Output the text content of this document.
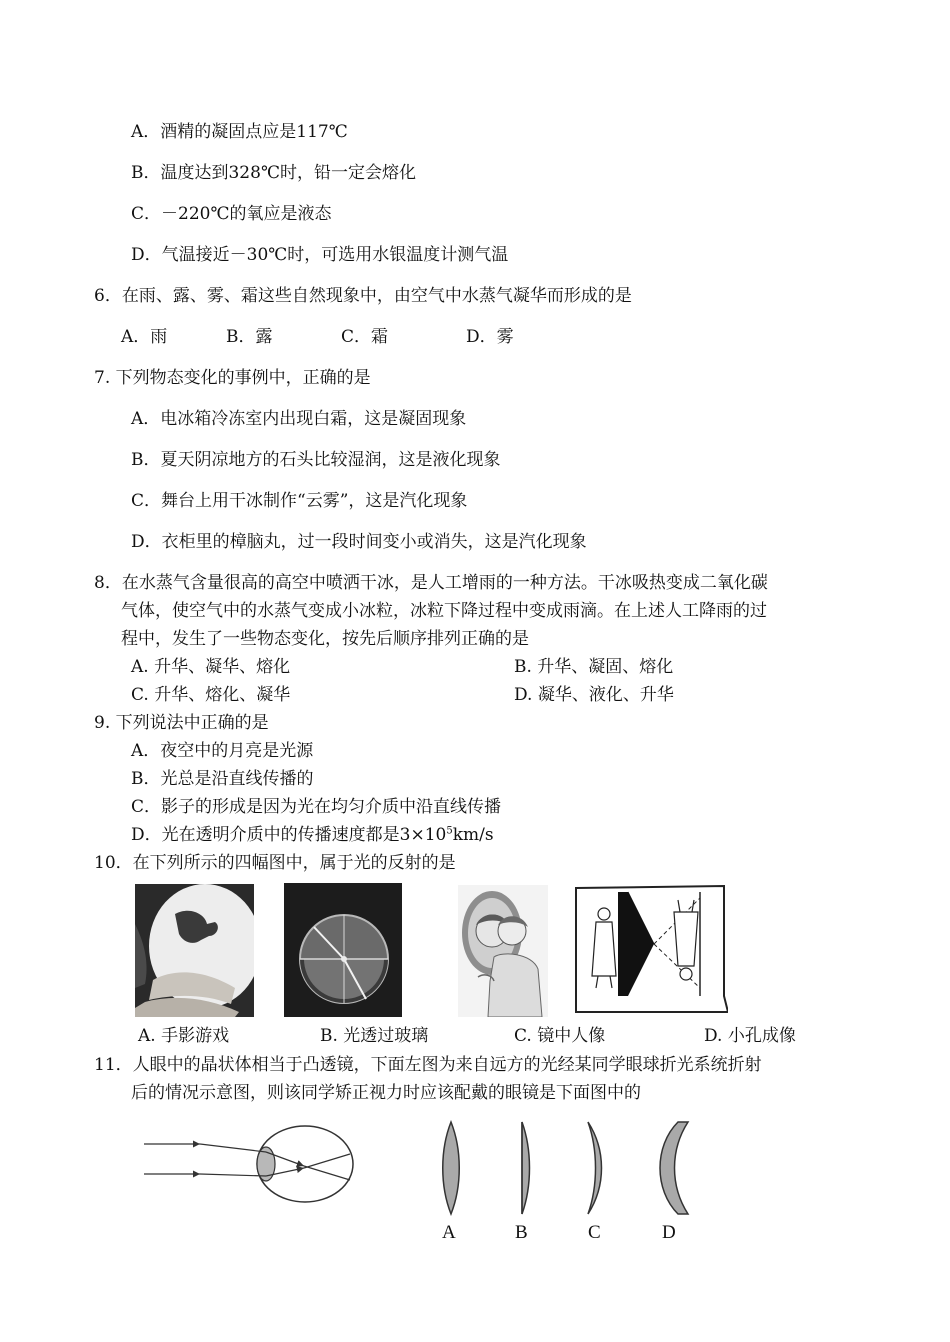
A．酒精的凝固点应是117℃
B．温度达到328℃时，铅一定会熔化
C．－220℃的氧应是液态
D．气温接近－30℃时，可选用水银温度计测气温
6．在雨、露、雾、霜这些自然现象中，由空气中水蒸气凝华而形成的是
A．雨	B．露	C．霜	D．雾
7. 下列物态变化的事例中，正确的是
A．电冰箱冷冻室内出现白霜，这是凝固现象
B．夏天阴凉地方的石头比较湿润，这是液化现象
C．舞台上用干冰制作“云雾”，这是汽化现象
D．衣柜里的樟脑丸，过一段时间变小或消失，这是汽化现象
8．在水蒸气含量很高的高空中喷洒干冰，是人工增雨的一种方法。干冰吸热变成二氧化碳
气体，使空气中的水蒸气变成小冰粒，冰粒下降过程中变成雨滴。在上述人工降雨的过
程中，发生了一些物态变化，按先后顺序排列正确的是
A. 升华、凝华、熔化	B. 升华、凝固、熔化
C. 升华、熔化、凝华	D. 凝华、液化、升华
9. 下列说法中正确的是
A．夜空中的月亮是光源
B．光总是沿直线传播的
C．影子的形成是因为光在均匀介质中沿直线传播
D．光在透明介质中的传播速度都是$3\times 10^5km/s$
10．在下列所示的四幅图中，属于光的反射的是
A. 手影游戏	B. 光透过玻璃	C. 镜中人像	D. 小孔成像
11．人眼中的晶状体相当于凸透镜，下面左图为来自远方的光经某同学眼球折光系统折射
后的情况示意图，则该同学矫正视力时应该配戴的眼镜是下面图中的
A	B	C	D
